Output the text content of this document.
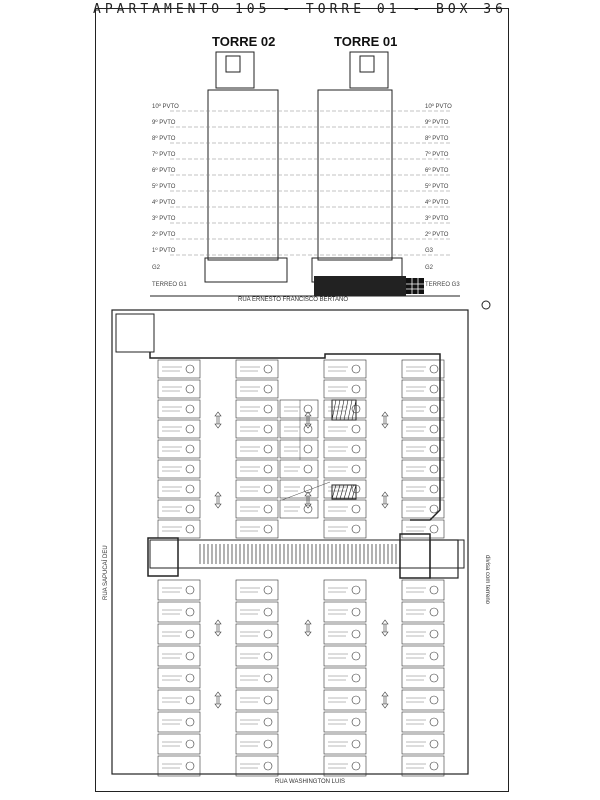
APARTAMENTO 105 - TORRE 01 - BOX 36
TORRE 02	TORRE 01
RUA ERNESTO FRANCISCO BERTANO
RUA WASHINGTON LUIS
RUA SAPUCAÍ DEU	divisa com terreno
10º PVTO
9º PVTO
8º PVTO
7º PVTO
6º PVTO
5º PVTO
4º PVTO
3º PVTO
2º PVTO
1º PVTO
G2
TERREO G1
10º PVTO
9º PVTO
8º PVTO
7º PVTO
6º PVTO
5º PVTO
4º PVTO
3º PVTO
2º PVTO
G3
G2
TERREO G3
